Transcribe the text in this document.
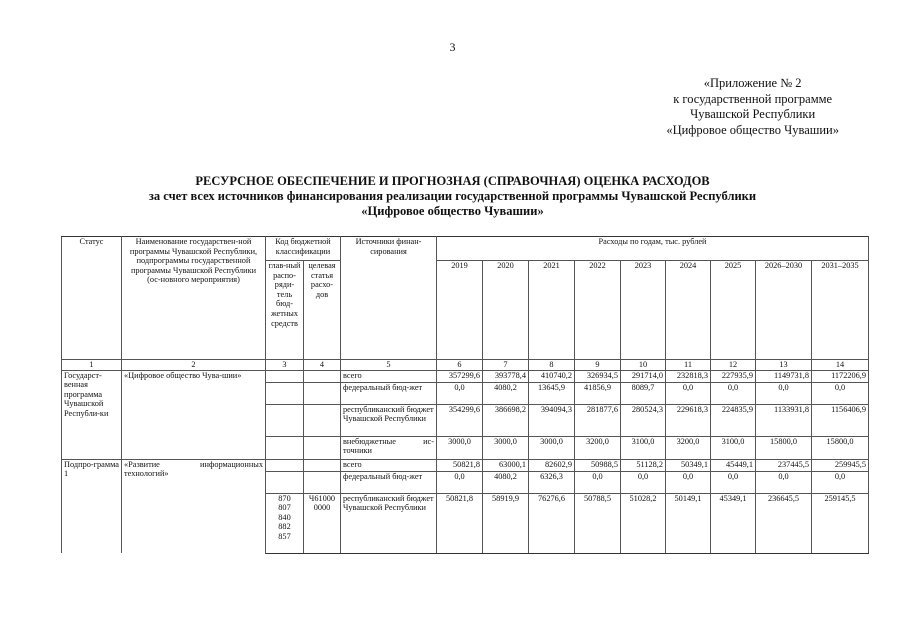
3
«Приложение № 2
к государственной программе
Чувашской Республики
«Цифровое общество Чувашии»
РЕСУРСНОЕ ОБЕСПЕЧЕНИЕ И ПРОГНОЗНАЯ (СПРАВОЧНАЯ) ОЦЕНКА РАСХОДОВ
за счет всех источников финансирования реализации государственной программы Чувашской Республики
«Цифровое общество Чувашии»
Статус	Наименование государствен-ной программы Чувашской Республики, подпрограммы государственной программы Чувашской Республики (ос-новного мероприятия)	Код бюджетной классификации		Источники финан-сирования	Расходы по годам, тыс. рублей								
		глав-ный распо-ряди-тель бюд-жетных средств	целевая статья расхо-дов		2019	2020	2021	2022	2023	2024	2025	2026–2030	2031–2035

1	2	3	4	5	6	7	8	9	10	11	12	13	14
Государст-венная программа Чувашской Республи-ки	«Цифровое общество Чува-шии»			всего	357299,6	393778,4	410740,2	326934,5	291714,0	232818,3	227935,9	1149731,8	1172206,9
				федеральный бюд-жет	0,0	4080,2	13645,9	41856,9	8089,7	0,0	0,0	0,0	0,0
				республиканский бюджет Чувашской Республики	354299,6	386698,2	394094,3	281877,6	280524,3	229618,3	224835,9	1133931,8	1156406,9
				внебюджетные ис-точники	3000,0	3000,0	3000,0	3200,0	3100,0	3200,0	3100,0	15800,0	15800,0
Подпро-грамма 1	«Развитие информационных технологий»			всего	50821,8	63000,1	82602,9	50988,5	51128,2	50349,1	45449,1	237445,5	259945,5
				федеральный бюд-жет	0,0	4080,2	6326,3	0,0	0,0	0,0	0,0	0,0	0,0
		870 807 840 882 857	Ч61000 0000	республиканский бюджет Чувашской Республики	50821,8	58919,9	76276,6	50788,5	51028,2	50149,1	45349,1	236645,5	259145,5
